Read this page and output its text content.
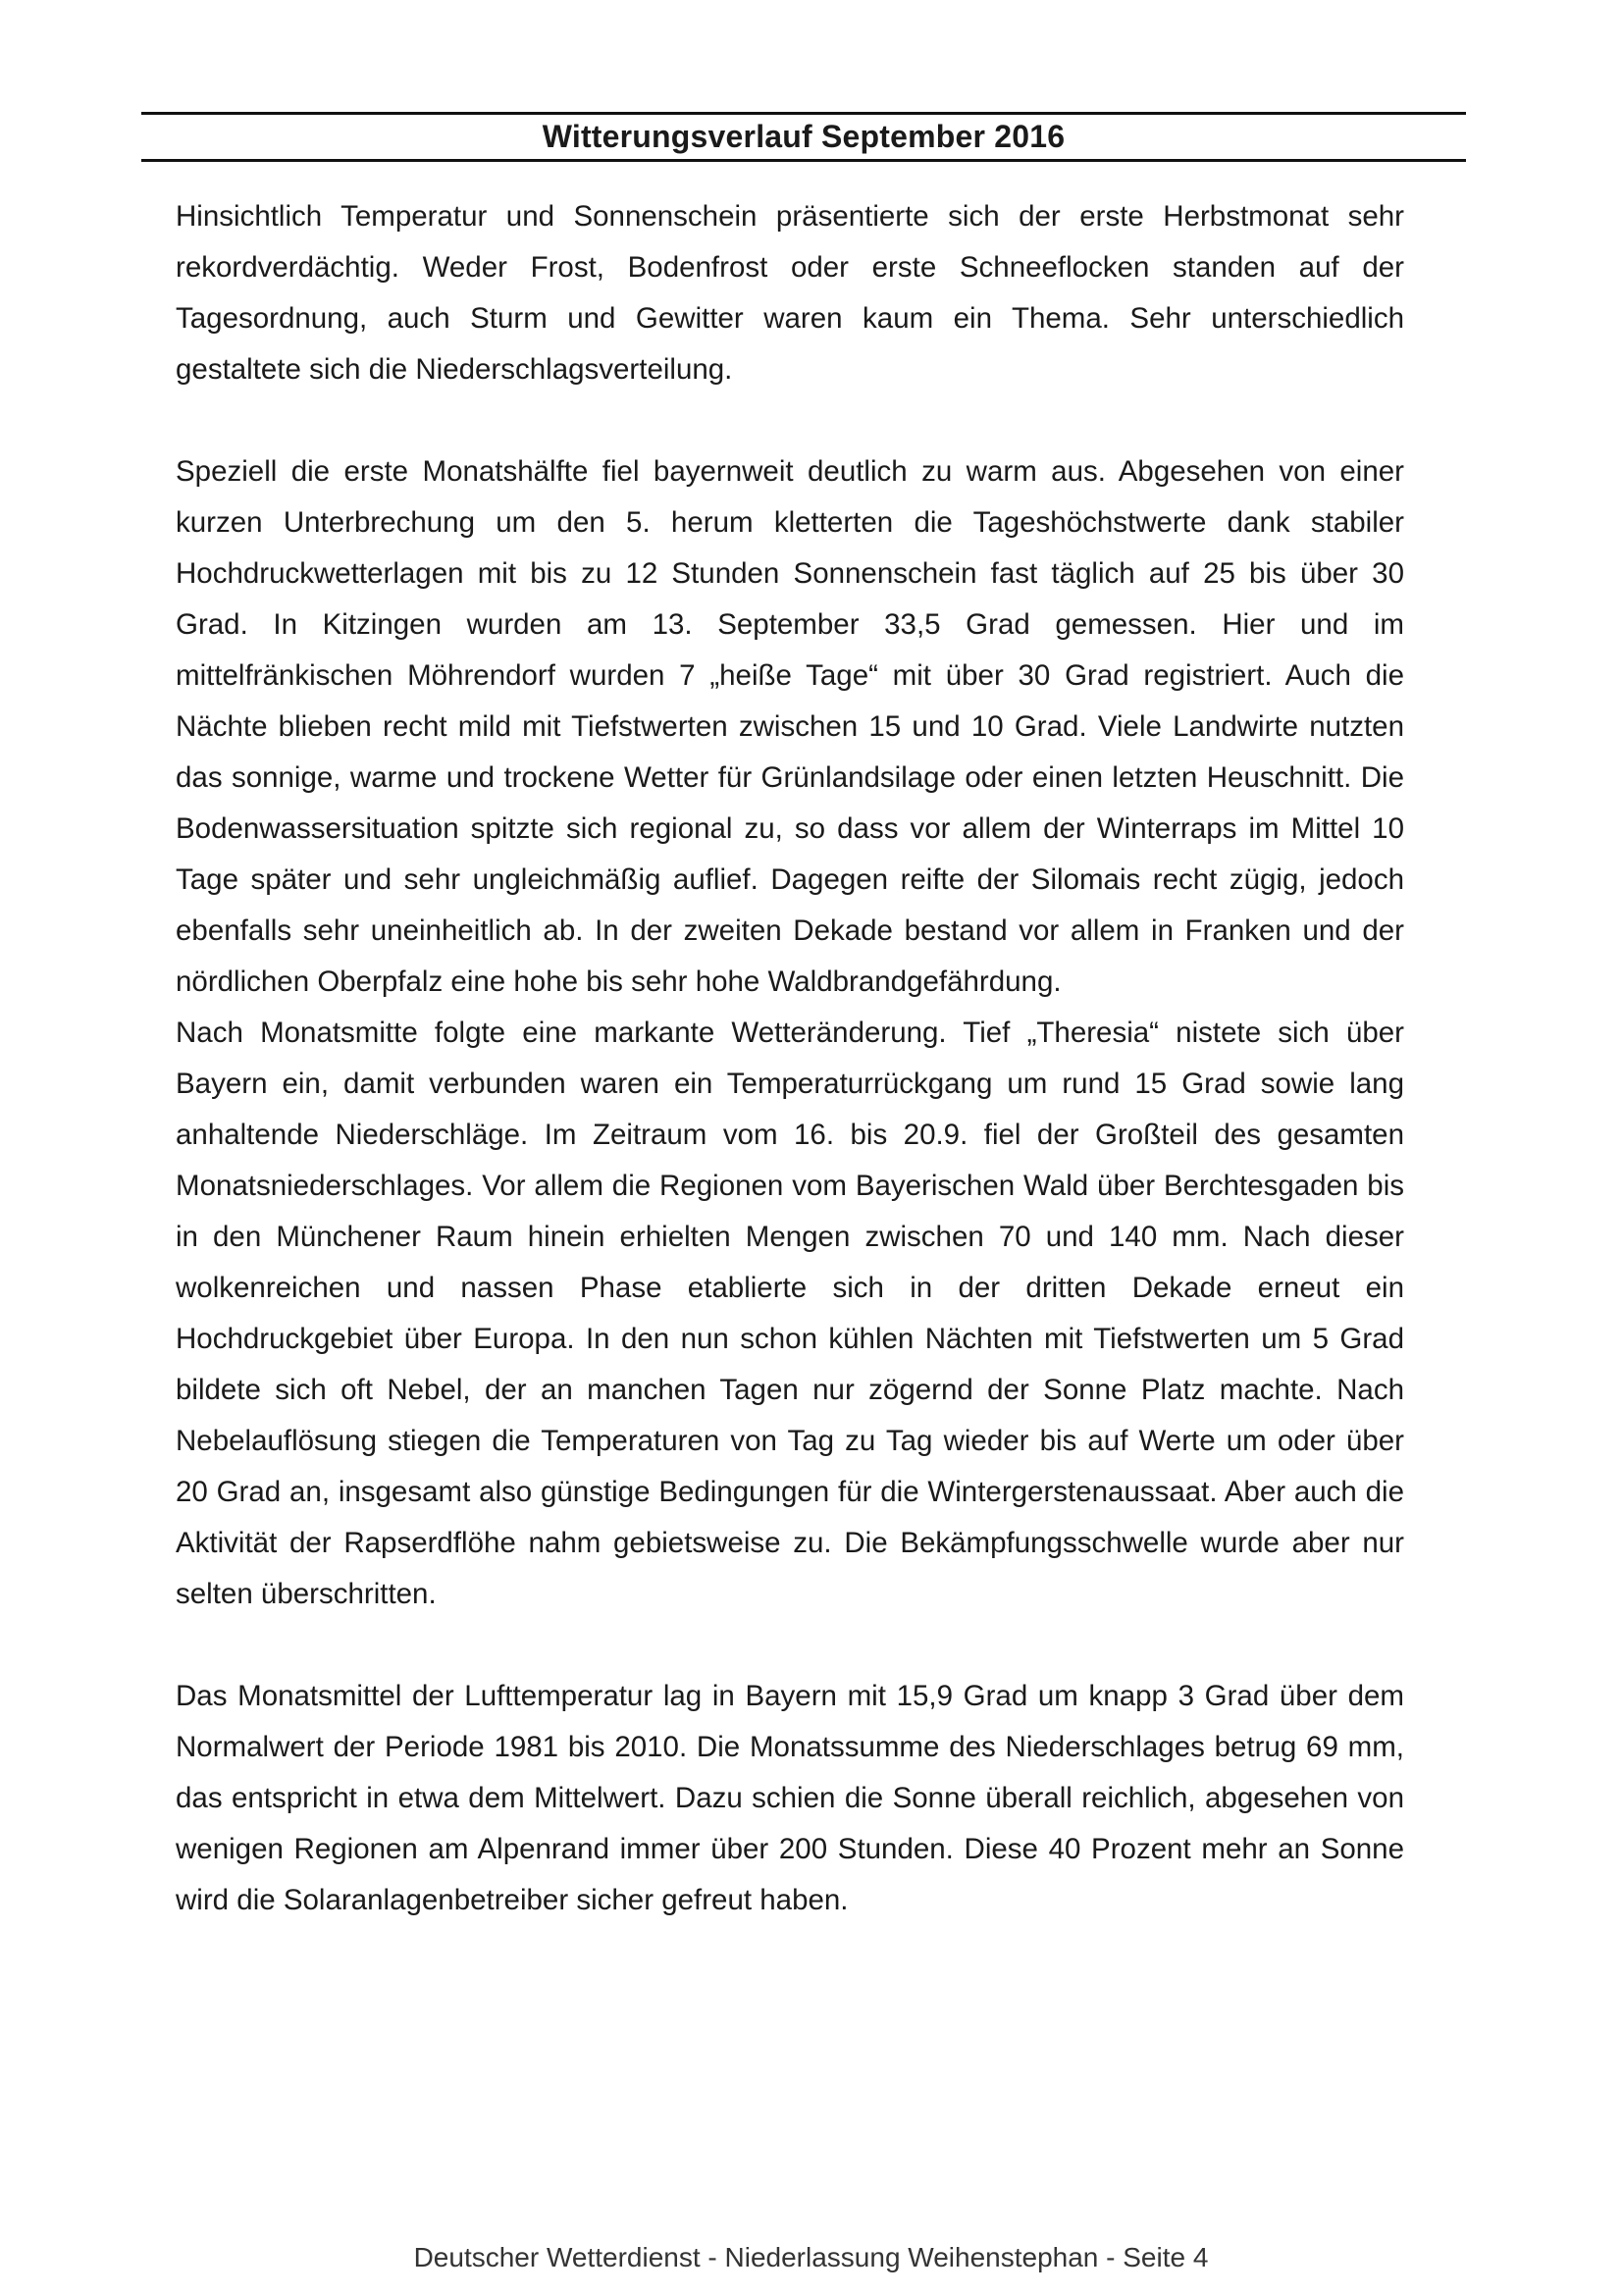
Witterungsverlauf September 2016

Hinsichtlich Temperatur und Sonnenschein präsentierte sich der erste Herbstmonat sehr rekordverdächtig. Weder Frost, Bodenfrost oder erste Schneeflocken standen auf der Tagesordnung, auch Sturm und Gewitter waren kaum ein Thema. Sehr unterschiedlich gestaltete sich die Niederschlagsverteilung.

Speziell die erste Monatshälfte fiel bayernweit deutlich zu warm aus. Abgesehen von einer kurzen Unterbrechung um den 5. herum kletterten die Tageshöchstwerte dank stabiler Hochdruckwetterlagen mit bis zu 12 Stunden Sonnenschein fast täglich auf 25 bis über 30 Grad. In Kitzingen wurden am 13. September 33,5 Grad gemessen. Hier und im mittelfränkischen Möhrendorf wurden 7 „heiße Tage“ mit über 30 Grad registriert. Auch die Nächte blieben recht mild mit Tiefstwerten zwischen 15 und 10 Grad. Viele Landwirte nutzten das sonnige, warme und trockene Wetter für Grünlandsilage oder einen letzten Heuschnitt. Die Bodenwassersituation spitzte sich regional zu, so dass vor allem der Winterraps im Mittel 10 Tage später und sehr ungleichmäßig auflief. Dagegen reifte der Silomais recht zügig, jedoch ebenfalls sehr uneinheitlich ab. In der zweiten Dekade bestand vor allem in Franken und der nördlichen Oberpfalz eine hohe bis sehr hohe Waldbrandgefährdung.

Nach Monatsmitte folgte eine markante Wetteränderung. Tief „Theresia“ nistete sich über Bayern ein, damit verbunden waren ein Temperaturrückgang um rund 15 Grad sowie lang anhaltende Niederschläge. Im Zeitraum vom 16. bis 20.9. fiel der Großteil des gesamten Monatsniederschlages. Vor allem die Regionen vom Bayerischen Wald über Berchtesgaden bis in den Münchener Raum hinein erhielten Mengen zwischen 70 und 140 mm. Nach dieser wolkenreichen und nassen Phase etablierte sich in der dritten Dekade erneut ein Hochdruckgebiet über Europa. In den nun schon kühlen Nächten mit Tiefstwerten um 5 Grad bildete sich oft Nebel, der an manchen Tagen nur zögernd der Sonne Platz machte. Nach Nebelauflösung stiegen die Temperaturen von Tag zu Tag wieder bis auf Werte um oder über 20 Grad an, insgesamt also günstige Bedingungen für die Wintergerstenaussaat. Aber auch die Aktivität der Rapserdflöhe nahm gebietsweise zu. Die Bekämpfungsschwelle wurde aber nur selten überschritten.

Das Monatsmittel der Lufttemperatur lag in Bayern mit 15,9 Grad um knapp 3 Grad über dem Normalwert der Periode 1981 bis 2010. Die Monatssumme des Niederschlages betrug 69 mm, das entspricht in etwa dem Mittelwert. Dazu schien die Sonne überall reichlich, abgesehen von wenigen Regionen am Alpenrand immer über 200 Stunden. Diese 40 Prozent mehr an Sonne wird die Solaranlagenbetreiber sicher gefreut haben.

Deutscher Wetterdienst - Niederlassung Weihenstephan - Seite 4
